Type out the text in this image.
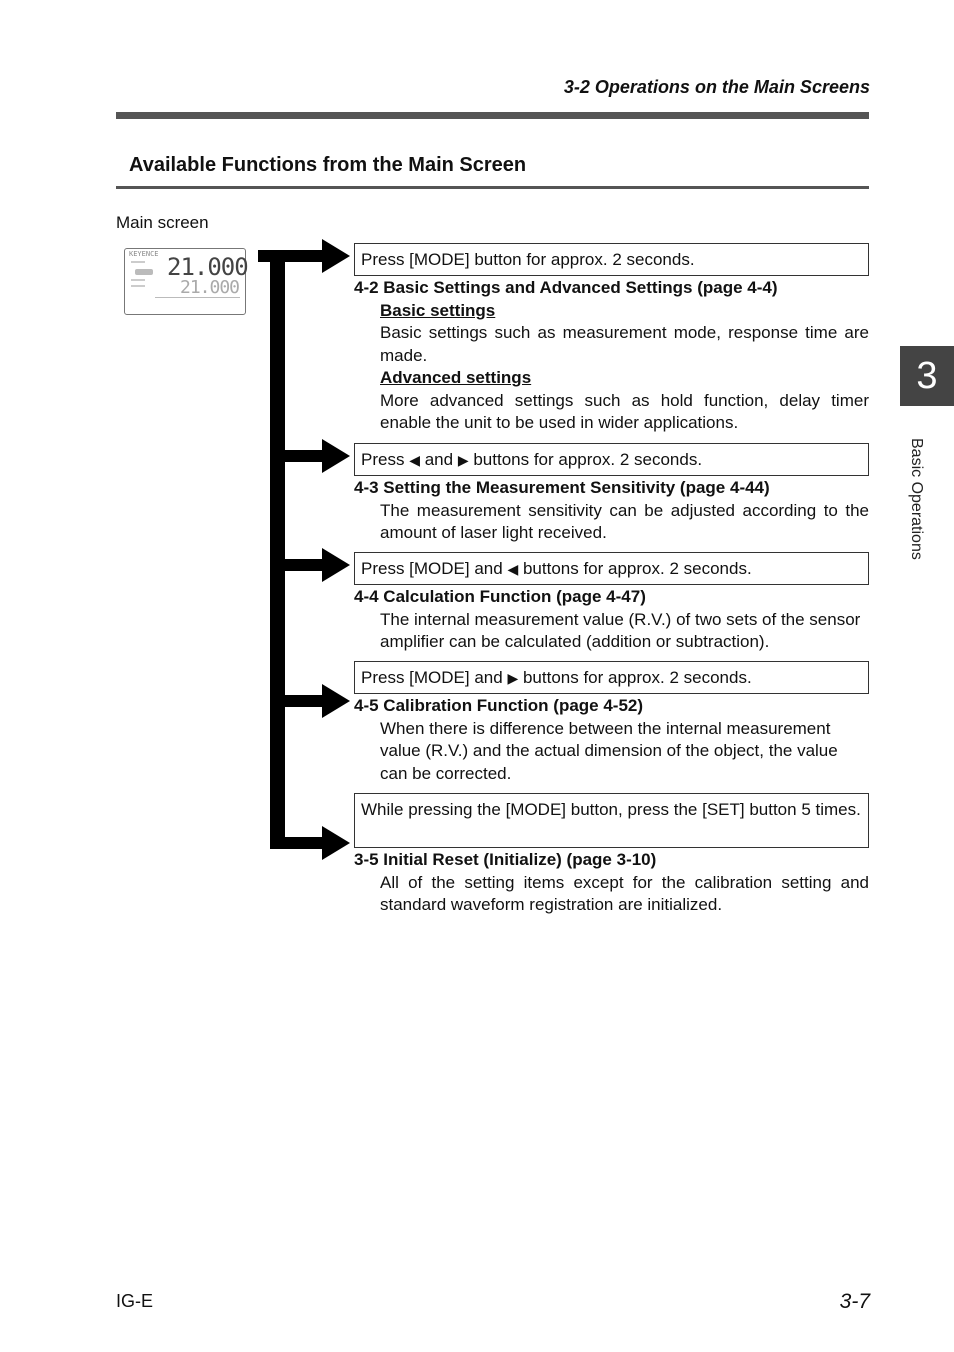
3-2 Operations on the Main Screens
Available Functions from the Main Screen
Main screen
KEYENCE 21.000
21.000
Press [MODE] button for approx. 2 seconds.
4-2 Basic Settings and Advanced Settings (page 4-4)
Basic settings
Basic settings such as measurement mode, response time are made.
Advanced settings
More advanced settings such as hold function, delay timer enable the unit to be used in wider applications.
Press ◀ and ▶ buttons for approx. 2 seconds.
4-3 Setting the Measurement Sensitivity (page 4-44)
The measurement sensitivity can be adjusted according to the amount of laser light received.
Press [MODE] and ◀ buttons for approx. 2 seconds.
4-4 Calculation Function (page 4-47)
The internal measurement value (R.V.) of two sets of the sensor amplifier can be calculated (addition or subtraction).
Press [MODE] and ▶ buttons for approx. 2 seconds.
4-5 Calibration Function (page 4-52)
When there is difference between the internal measurement value (R.V.) and the actual dimension of the object, the value can be corrected.
While pressing the [MODE] button, press the [SET] button 5 times.
3-5 Initial Reset (Initialize) (page 3-10)
All of the setting items except for the calibration setting and standard waveform registration are initialized.
3
Basic Operations
IG-E	3-7
